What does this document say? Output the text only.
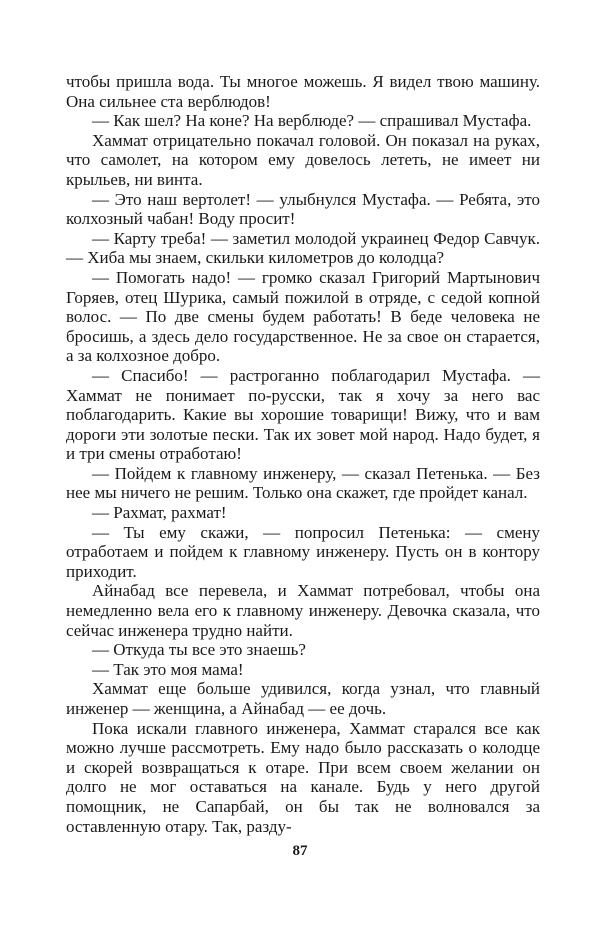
чтобы пришла вода. Ты многое можешь. Я видел твою машину. Она сильнее ста верблюдов!

— Как шел? На коне? На верблюде? — спрашивал Мустафа.

Хаммат отрицательно покачал головой. Он показал на руках, что самолет, на котором ему довелось лететь, не имеет ни крыльев, ни винта.

— Это наш вертолет! — улыбнулся Мустафа. — Ребята, это колхозный чабан! Воду просит!

— Карту треба! — заметил молодой украинец Федор Савчук. — Хиба мы знаем, скильки километров до колодца?

— Помогать надо! — громко сказал Григорий Мартынович Горяев, отец Шурика, самый пожилой в отряде, с седой копной волос. — По две смены будем работать! В беде человека не бросишь, а здесь дело государственное. Не за свое он старается, а за колхозное добро.

— Спасибо! — растроганно поблагодарил Мустафа. — Хаммат не понимает по-русски, так я хочу за него вас поблагодарить. Какие вы хорошие товарищи! Вижу, что и вам дороги эти золотые пески. Так их зовет мой народ. Надо будет, я и три смены отработаю!

— Пойдем к главному инженеру, — сказал Петенька. — Без нее мы ничего не решим. Только она скажет, где пройдет канал.

— Рахмат, рахмат!

— Ты ему скажи, — попросил Петенька: — смену отработаем и пойдем к главному инженеру. Пусть он в контору приходит.

Айнабад все перевела, и Хаммат потребовал, чтобы она немедленно вела его к главному инженеру. Девочка сказала, что сейчас инженера трудно найти.

— Откуда ты все это знаешь?

— Так это моя мама!

Хаммат еще больше удивился, когда узнал, что главный инженер — женщина, а Айнабад — ее дочь.

Пока искали главного инженера, Хаммат старался все как можно лучше рассмотреть. Ему надо было рассказать о колодце и скорей возвращаться к отаре. При всем своем желании он долго не мог оставаться на канале. Будь у него другой помощник, не Сапарбай, он бы так не волновался за оставленную отару. Так, разду-

87
